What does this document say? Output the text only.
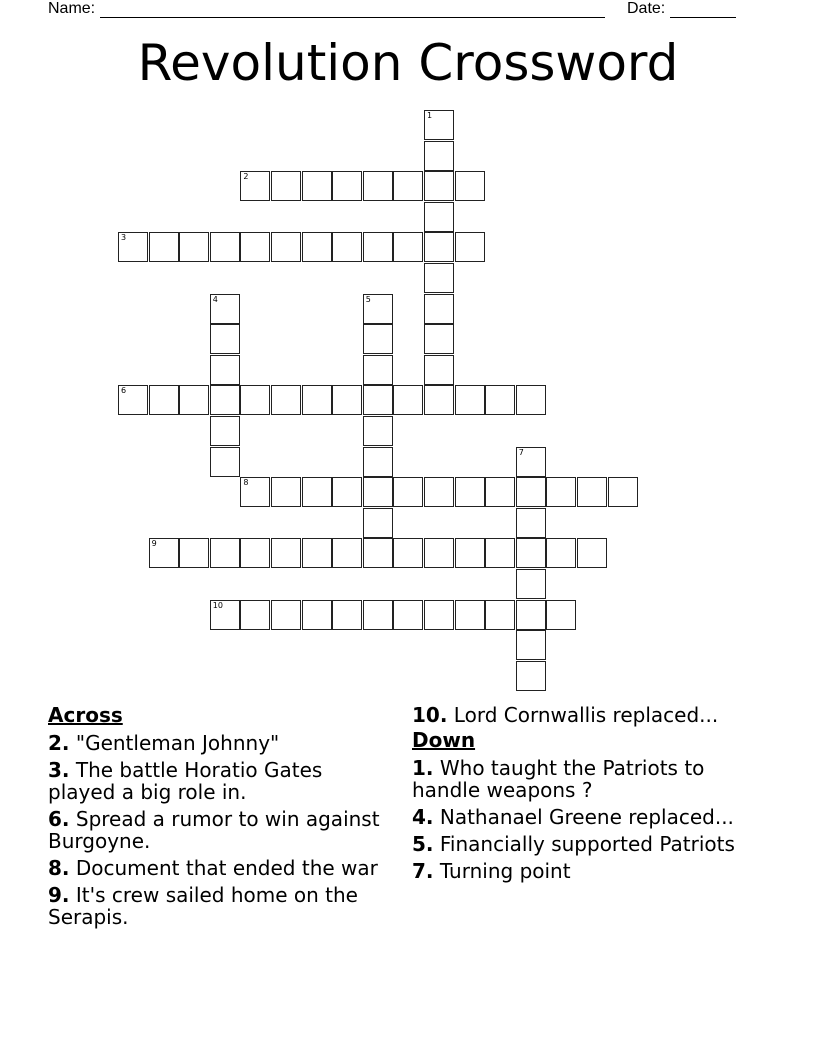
Name:	Date:
Revolution Crossword
1
2
3
4	5
6
7
8
9
10
Across
2. "Gentleman Johnny"
3. The battle Horatio Gates played a big role in.
6. Spread a rumor to win against Burgoyne.
8. Document that ended the war
9. It's crew sailed home on the Serapis.
10. Lord Cornwallis replaced...
Down
1. Who taught the Patriots to handle weapons ?
4. Nathanael Greene replaced...
5. Financially supported Patriots
7. Turning point
